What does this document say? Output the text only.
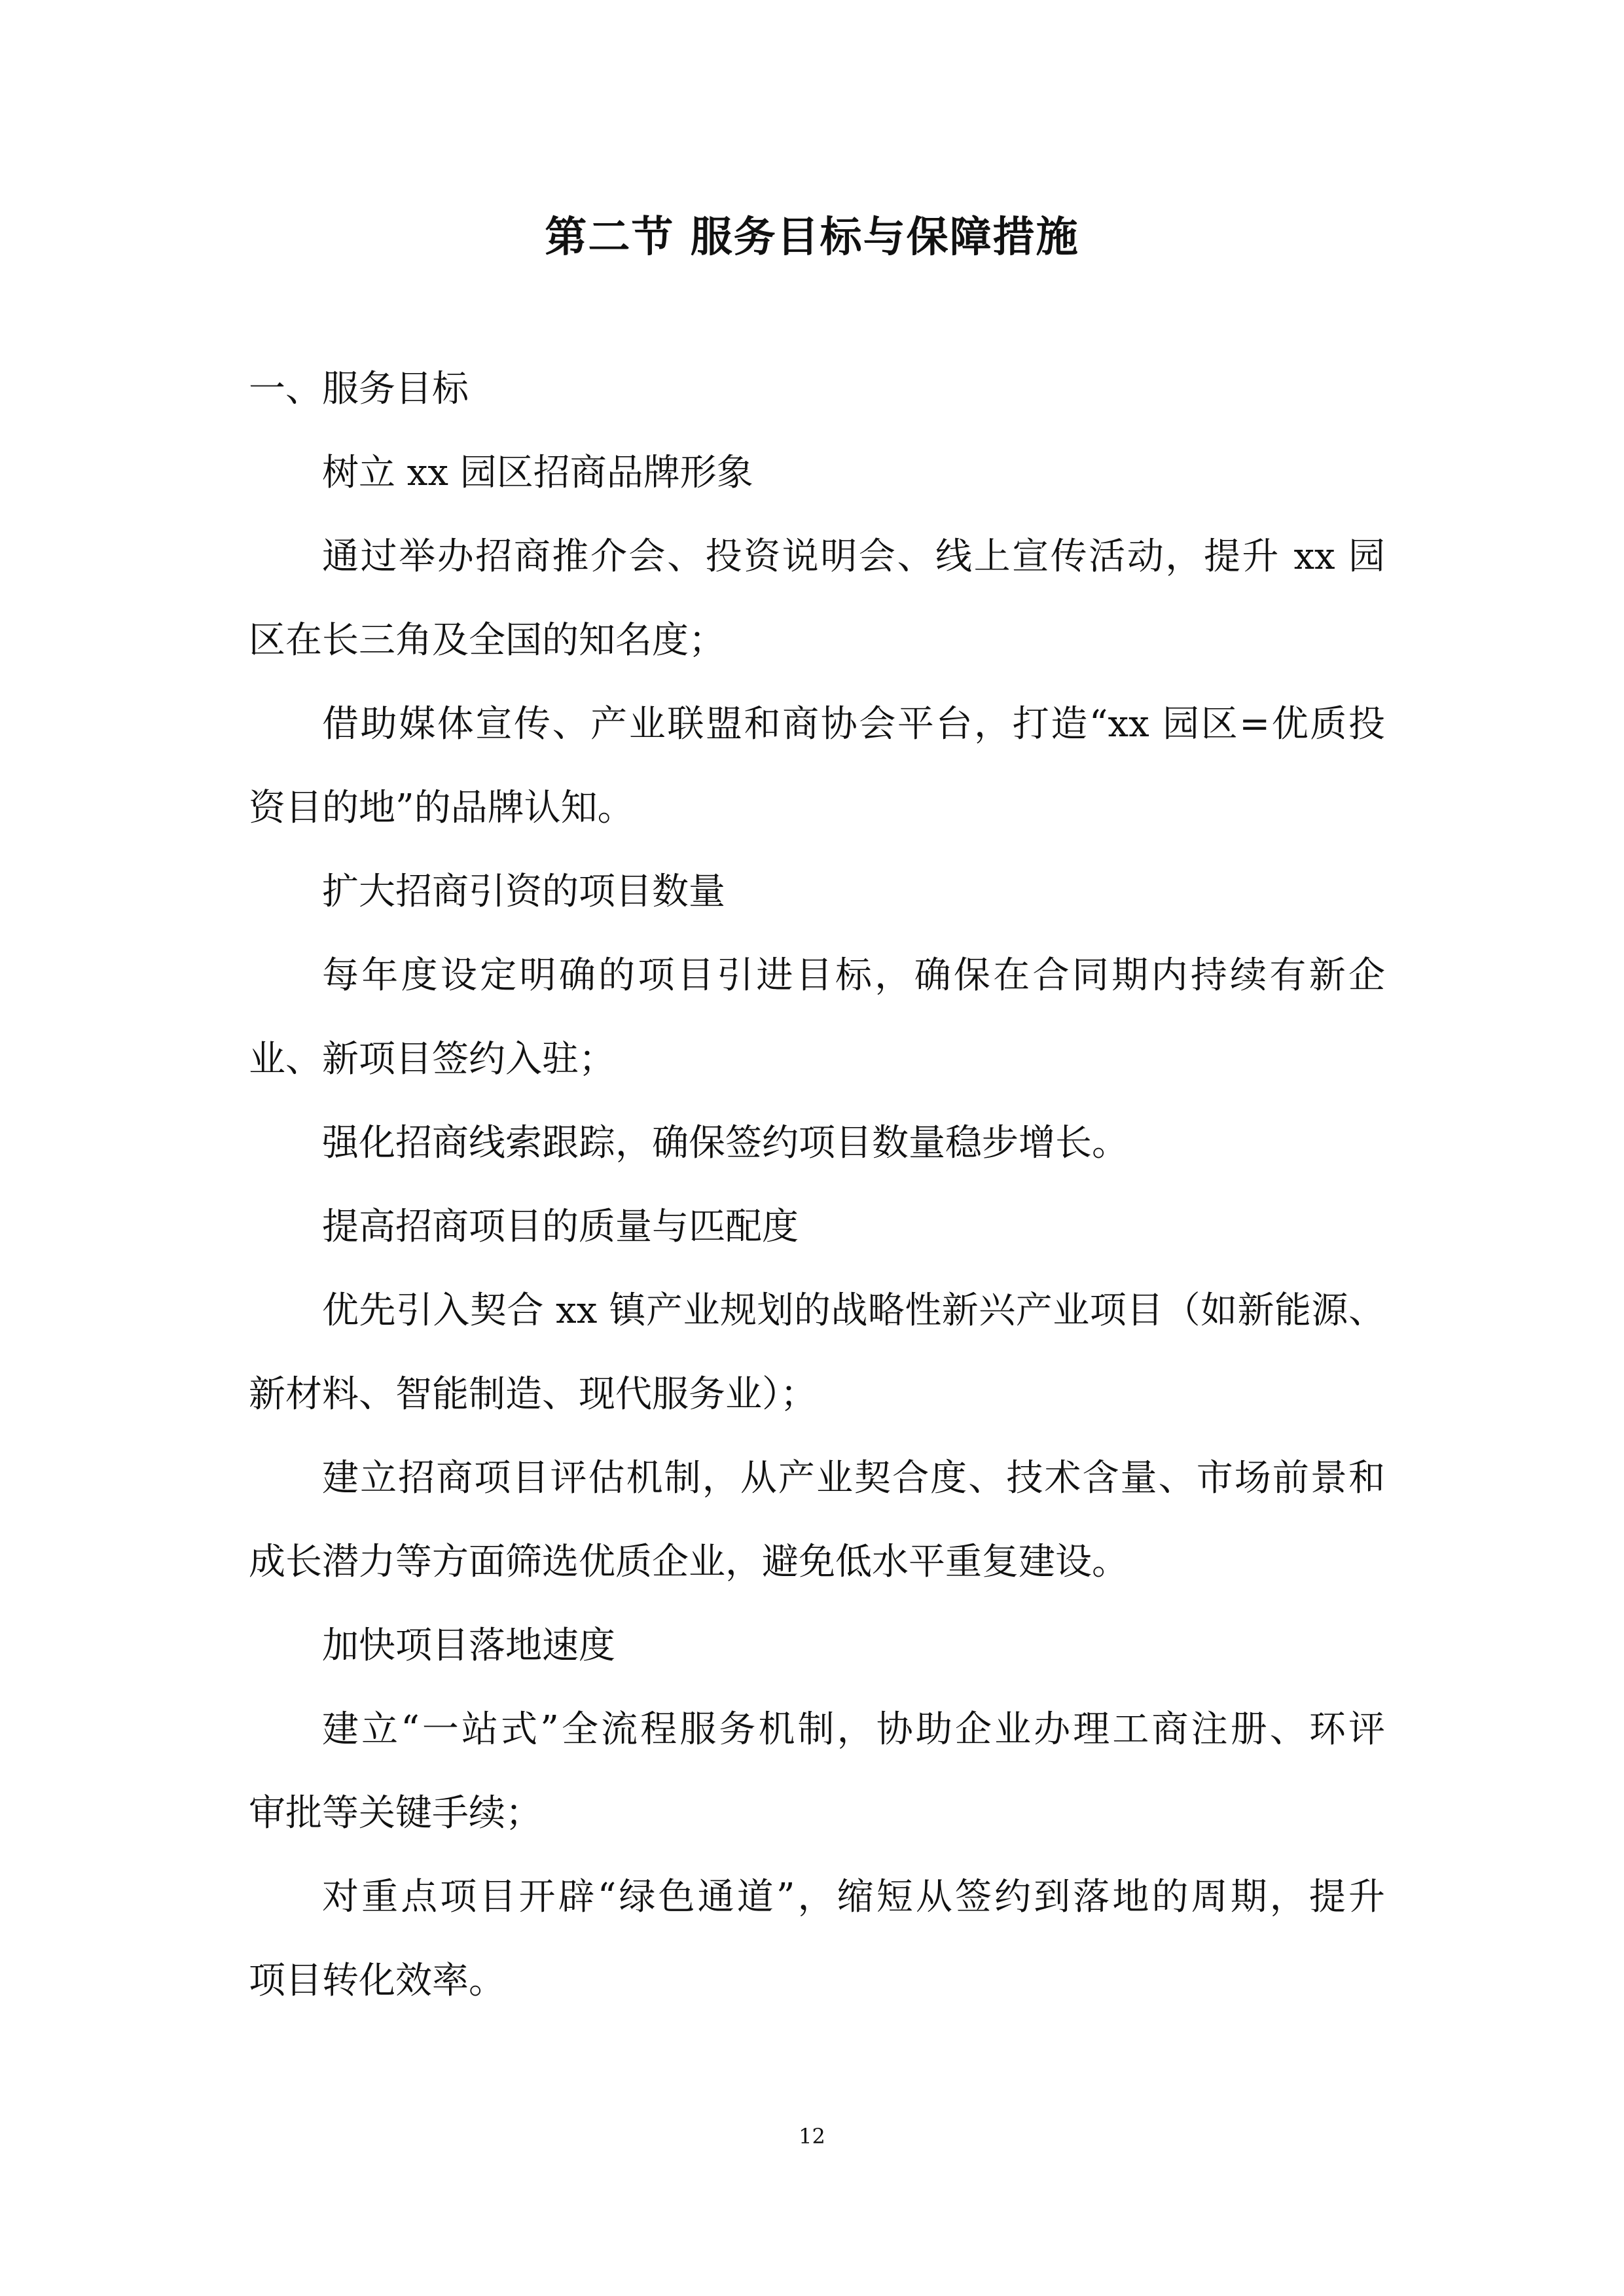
第二节 服务目标与保障措施

一、服务目标

树立 xx 园区招商品牌形象

通过举办招商推介会、投资说明会、线上宣传活动，提升 xx 园

区在长三角及全国的知名度；

借助媒体宣传、产业联盟和商协会平台，打造“xx 园区=优质投

资目的地”的品牌认知。

扩大招商引资的项目数量

每年度设定明确的项目引进目标，确保在合同期内持续有新企

业、新项目签约入驻；

强化招商线索跟踪，确保签约项目数量稳步增长。

提高招商项目的质量与匹配度

优先引入契合 xx 镇产业规划的战略性新兴产业项目（如新能源、

新材料、智能制造、现代服务业）；

建立招商项目评估机制，从产业契合度、技术含量、市场前景和

成长潜力等方面筛选优质企业，避免低水平重复建设。

加快项目落地速度

建立“一站式”全流程服务机制，协助企业办理工商注册、环评

审批等关键手续；

对重点项目开辟“绿色通道”，缩短从签约到落地的周期，提升

项目转化效率。

12
